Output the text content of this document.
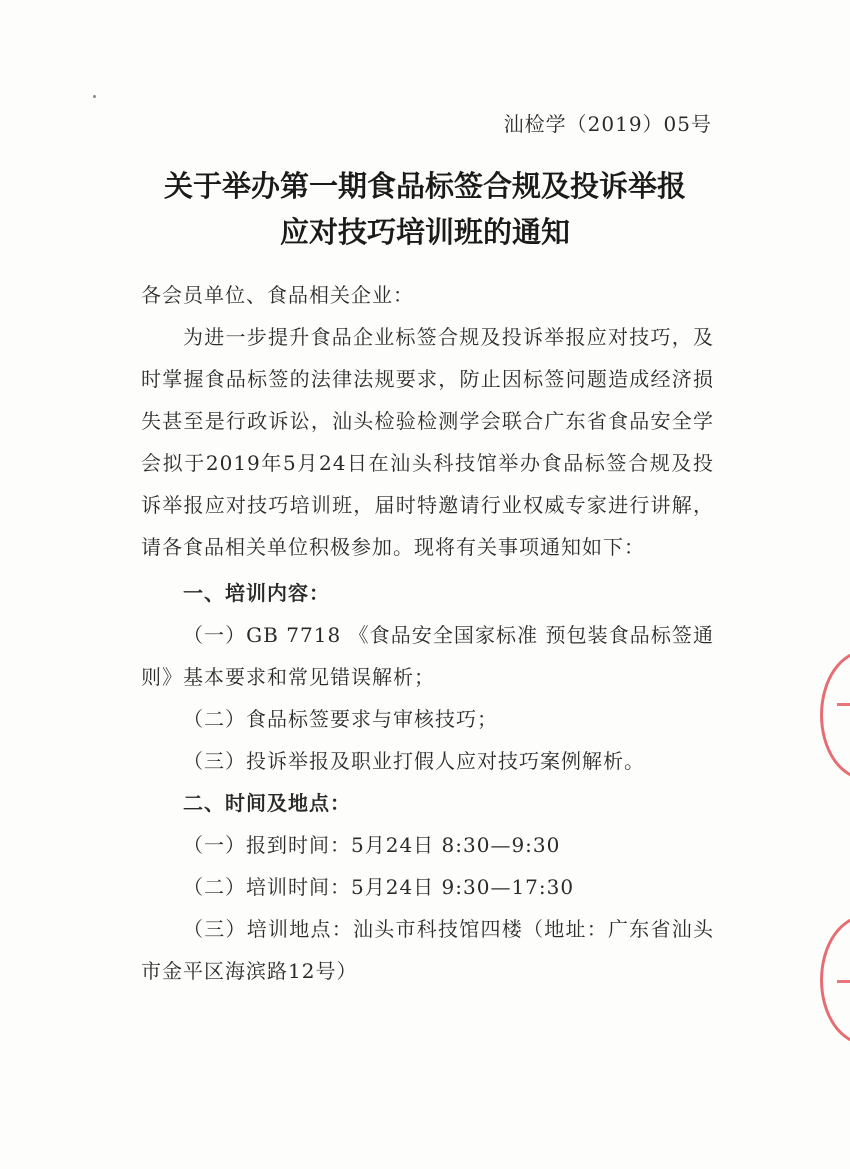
汕检学（2019）05号
关于举办第一期食品标签合规及投诉举报
应对技巧培训班的通知

各会员单位、食品相关企业：

为进一步提升食品企业标签合规及投诉举报应对技巧，及时掌握食品标签的法律法规要求，防止因标签问题造成经济损失甚至是行政诉讼，汕头检验检测学会联合广东省食品安全学会拟于2019年5月24日在汕头科技馆举办食品标签合规及投诉举报应对技巧培训班，届时特邀请行业权威专家进行讲解，请各食品相关单位积极参加。现将有关事项通知如下：

一、培训内容：

（一）GB 7718 《食品安全国家标准 预包装食品标签通则》基本要求和常见错误解析；

（二）食品标签要求与审核技巧；

（三）投诉举报及职业打假人应对技巧案例解析。

二、时间及地点：

（一）报到时间：5月24日 8:30—9:30

（二）培训时间：5月24日 9:30—17:30

（三）培训地点：汕头市科技馆四楼（地址：广东省汕头市金平区海滨路12号）
